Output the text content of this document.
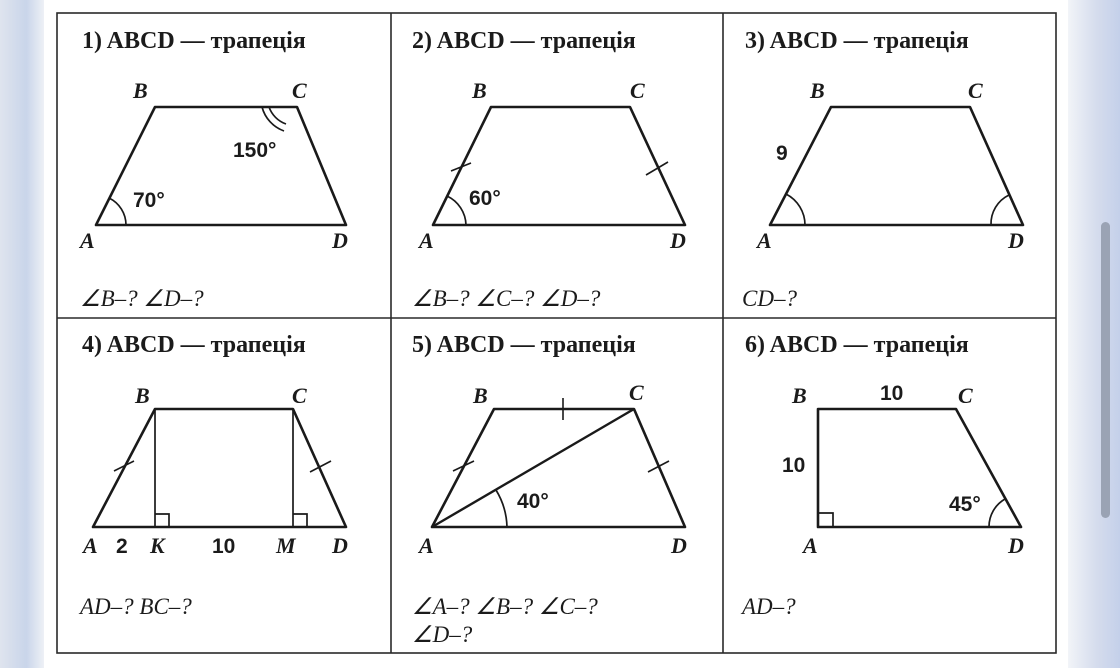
1) ABCD — трапеція
B	C
A	D
150°
70°
∠B–? ∠D–?
2) ABCD — трапеція
B	C
A	D
60°
∠B–? ∠C–? ∠D–?
3) ABCD — трапеція
B	C
A	D
9
CD–?
4) ABCD — трапеція
B	C
A K	M D
2	10
AD–? BC–?
5) ABCD — трапеція
B	C
A	D
40°
∠A–? ∠B–? ∠C–?
∠D–?
6) ABCD — трапеція
B	C
A	D
10
10
45°
AD–?
